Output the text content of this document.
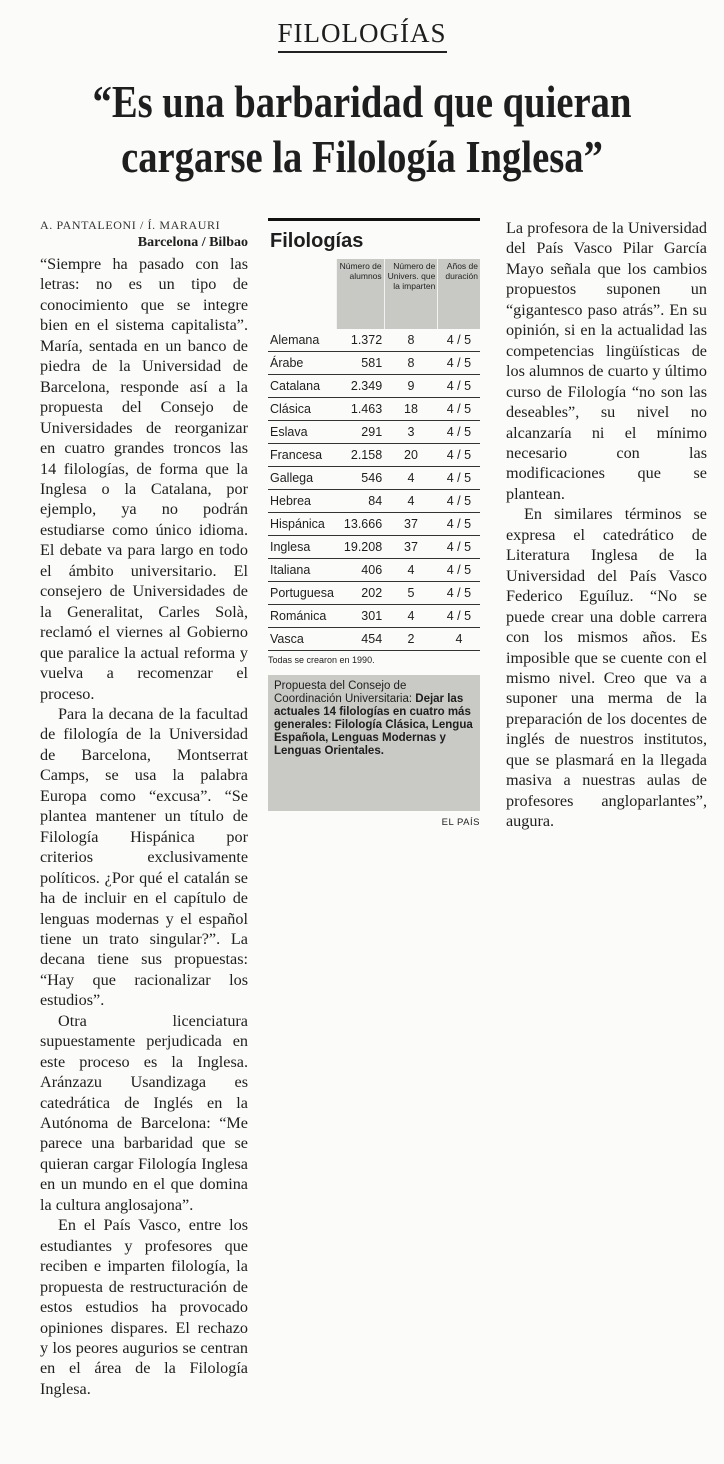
FILOLOGÍAS
“Es una barbaridad que quieran
cargarse la Filología Inglesa”
A. PANTALEONI / Í. MARAURI
Barcelona / Bilbao

“Siempre ha pasado con las letras: no es un tipo de conocimiento que se integre bien en el sistema capitalista”. María, sentada en un banco de piedra de la Universidad de Barcelona, responde así a la propuesta del Consejo de Universidades de reorganizar en cuatro grandes troncos las 14 filologías, de forma que la Inglesa o la Catalana, por ejemplo, ya no podrán estudiarse como único idioma. El debate va para largo en todo el ámbito universitario. El consejero de Universidades de la Generalitat, Carles Solà, reclamó el viernes al Gobierno que paralice la actual reforma y vuelva a recomenzar el proceso.

Para la decana de la facultad de filología de la Universidad de Barcelona, Montserrat Camps, se usa la palabra Europa como “excusa”. “Se plantea mantener un título de Filología Hispánica por criterios exclusivamente políticos. ¿Por qué el catalán se ha de incluir en el capítulo de lenguas modernas y el español tiene un trato singular?”. La decana tiene sus propuestas: “Hay que racionalizar los estudios”.

Otra licenciatura supuestamente perjudicada en este proceso es la Inglesa. Aránzazu Usandizaga es catedrática de Inglés en la Autónoma de Barcelona: “Me parece una barbaridad que se quieran cargar Filología Inglesa en un mundo en el que domina la cultura anglosajona”.

En el País Vasco, entre los estudiantes y profesores que reciben e imparten filología, la propuesta de restructuración de estos estudios ha provocado opiniones dispares. El rechazo y los peores augurios se centran en el área de la Filología Inglesa.

Filologías
	Número de alumnos	Número de Univers. que la imparten	Años de duración
Alemana	1.372	8	4 / 5
Árabe	581	8	4 / 5
Catalana	2.349	9	4 / 5
Clásica	1.463	18	4 / 5
Eslava	291	3	4 / 5
Francesa	2.158	20	4 / 5
Gallega	546	4	4 / 5
Hebrea	84	4	4 / 5
Hispánica	13.666	37	4 / 5
Inglesa	19.208	37	4 / 5
Italiana	406	4	4 / 5
Portuguesa	202	5	4 / 5
Románica	301	4	4 / 5
Vasca	454	2	4
Todas se crearon en 1990.
Propuesta del Consejo de Coordinación Universitaria: Dejar las actuales 14 filologías en cuatro más generales: Filología Clásica, Lengua Española, Lenguas Modernas y Lenguas Orientales.
EL PAÍS

La profesora de la Universidad del País Vasco Pilar García Mayo señala que los cambios propuestos suponen un “gigantesco paso atrás”. En su opinión, si en la actualidad las competencias lingüísticas de los alumnos de cuarto y último curso de Filología “no son las deseables”, su nivel no alcanzaría ni el mínimo necesario con las modificaciones que se plantean.

En similares términos se expresa el catedrático de Literatura Inglesa de la Universidad del País Vasco Federico Eguíluz. “No se puede crear una doble carrera con los mismos años. Es imposible que se cuente con el mismo nivel. Creo que va a suponer una merma de la preparación de los docentes de inglés de nuestros institutos, que se plasmará en la llegada masiva a nuestras aulas de profesores angloparlantes”, augura.
